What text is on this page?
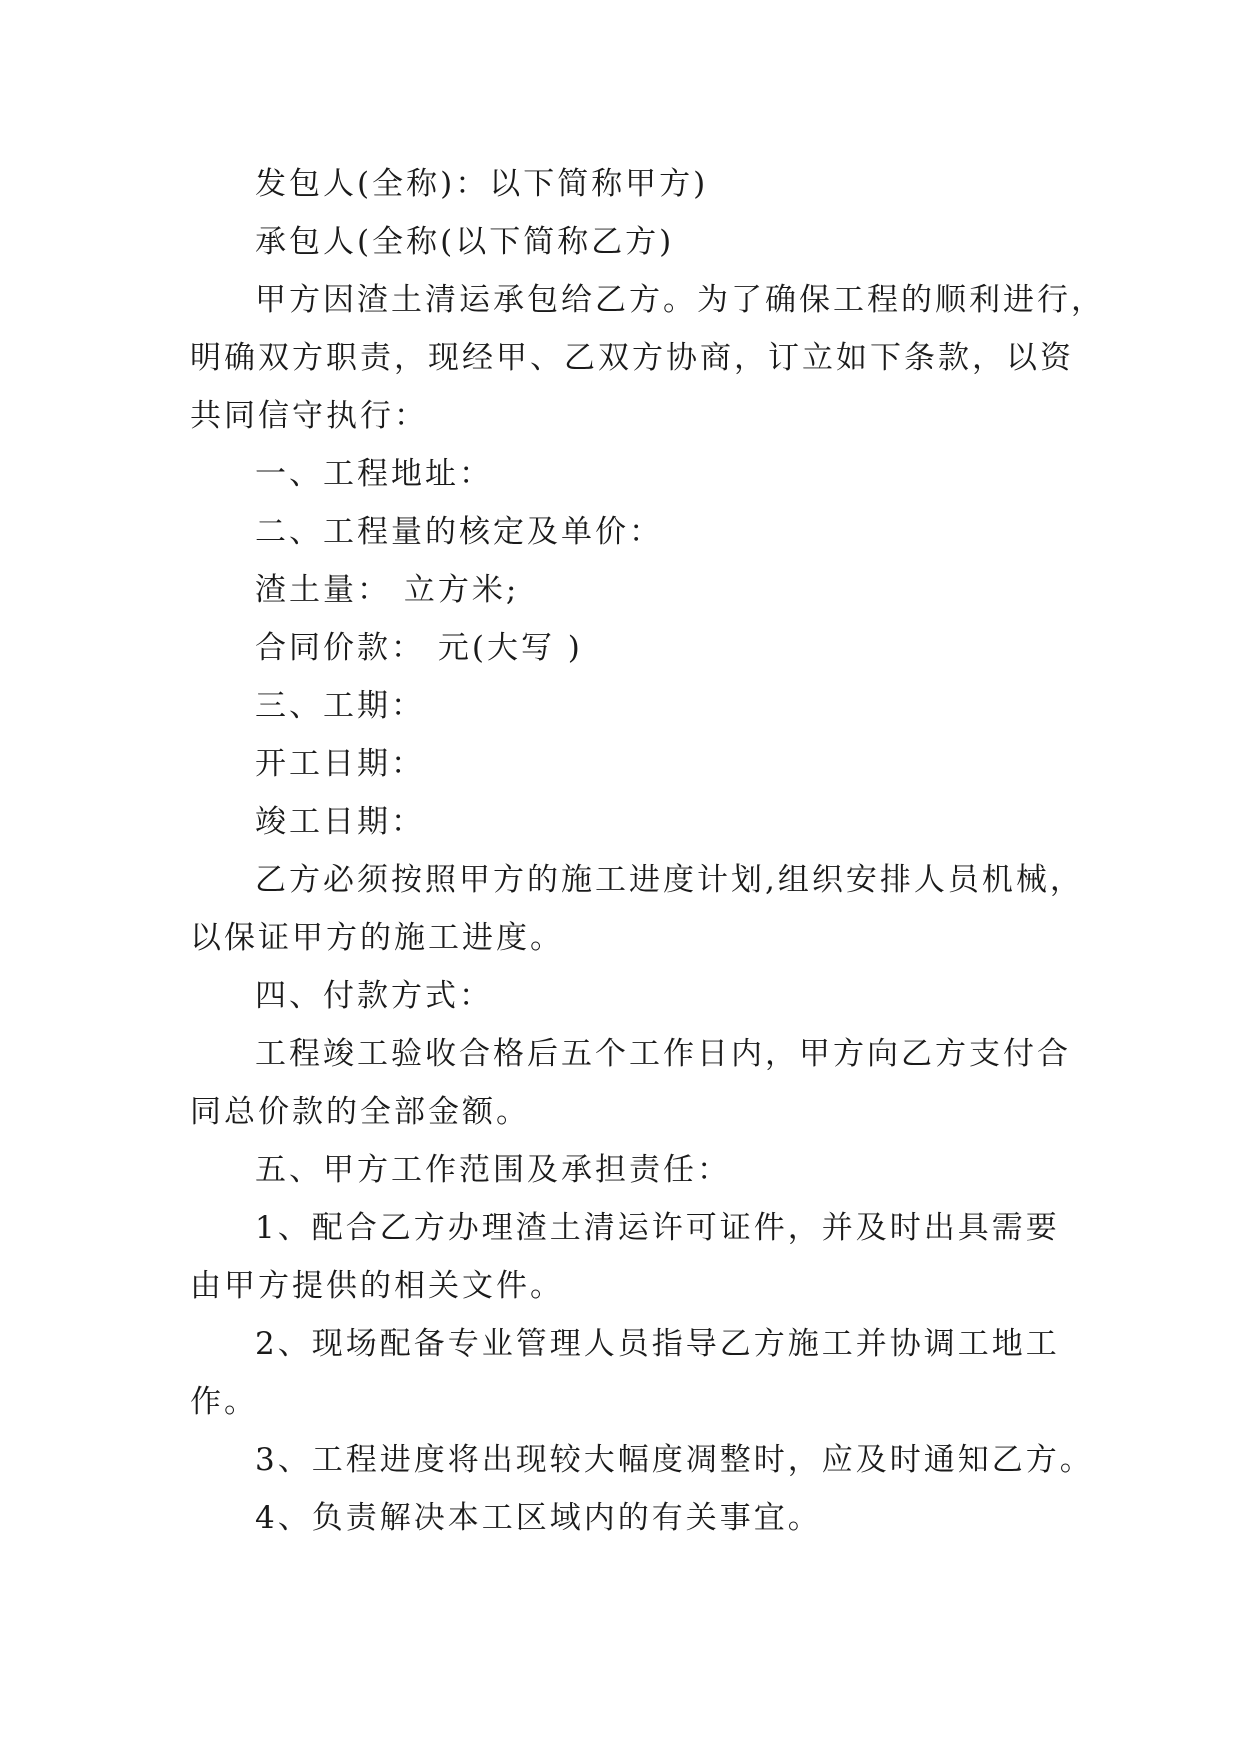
发包人(全称)：以下简称甲方)

承包人(全称(以下简称乙方)

甲方因渣土清运承包给乙方。为了确保工程的顺利进行，

明确双方职责，现经甲、乙双方协商，订立如下条款，以资

共同信守执行：

一、工程地址：

二、工程量的核定及单价：

渣土量： 立方米;

合同价款： 元(大写 )

三、工期：

开工日期：

竣工日期：

乙方必须按照甲方的施工进度计划,组织安排人员机械，

以保证甲方的施工进度。

四、付款方式：

工程竣工验收合格后五个工作日内，甲方向乙方支付合

同总价款的全部金额。

五、甲方工作范围及承担责任：

1、配合乙方办理渣土清运许可证件，并及时出具需要

由甲方提供的相关文件。

2、现场配备专业管理人员指导乙方施工并协调工地工

作。

3、工程进度将出现较大幅度凋整时，应及时通知乙方。

4、负责解决本工区域内的有关事宜。
